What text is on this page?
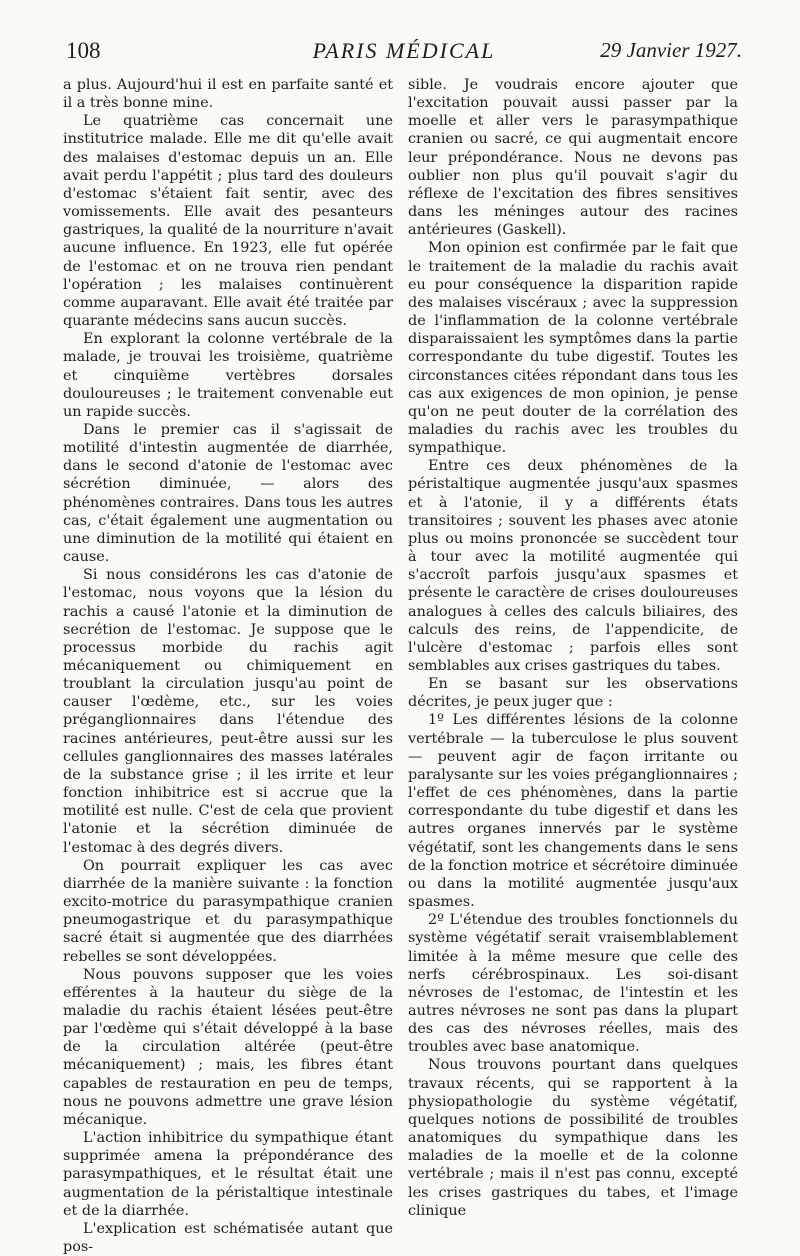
108	PARIS MÉDICAL	29 Janvier 1927.

a plus. Aujourd'hui il est en parfaite santé et il a très bonne mine.

Le quatrième cas concernait une institutrice malade. Elle me dit qu'elle avait des malaises d'estomac depuis un an. Elle avait perdu l'appétit ; plus tard des douleurs d'estomac s'étaient fait sentir, avec des vomissements. Elle avait des pesanteurs gastriques, la qualité de la nourriture n'avait aucune influence. En 1923, elle fut opérée de l'estomac et on ne trouva rien pendant l'opération ; les malaises continuèrent comme auparavant. Elle avait été traitée par quarante médecins sans aucun succès.

En explorant la colonne vertébrale de la malade, je trouvai les troisième, quatrième et cinquième vertèbres dorsales douloureuses ; le traitement convenable eut un rapide succès.

Dans le premier cas il s'agissait de motilité d'intestin augmentée de diarrhée, dans le second d'atonie de l'estomac avec sécrétion diminuée, — alors des phénomènes contraires. Dans tous les autres cas, c'était également une augmentation ou une diminution de la motilité qui étaient en cause.

Si nous considérons les cas d'atonie de l'estomac, nous voyons que la lésion du rachis a causé l'atonie et la diminution de secrétion de l'estomac. Je suppose que le processus morbide du rachis agit mécaniquement ou chimiquement en troublant la circulation jusqu'au point de causer l'œdème, etc., sur les voies préganglionnaires dans l'étendue des racines antérieures, peut-être aussi sur les cellules ganglionnaires des masses latérales de la substance grise ; il les irrite et leur fonction inhibitrice est si accrue que la motilité est nulle. C'est de cela que provient l'atonie et la sécrétion diminuée de l'estomac à des degrés divers.

On pourrait expliquer les cas avec diarrhée de la manière suivante : la fonction excito-motrice du parasympathique cranien pneumogastrique et du parasympathique sacré était si augmentée que des diarrhées rebelles se sont développées.

Nous pouvons supposer que les voies efférentes à la hauteur du siège de la maladie du rachis étaient lésées peut-être par l'œdème qui s'était développé à la base de la circulation altérée (peut-être mécaniquement) ; mais, les fibres étant capables de restauration en peu de temps, nous ne pouvons admettre une grave lésion mécanique.

L'action inhibitrice du sympathique étant supprimée amena la prépondérance des parasympathiques, et le résultat était une augmentation de la péristaltique intestinale et de la diarrhée.

L'explication est schématisée autant que pos-

sible. Je voudrais encore ajouter que l'excitation pouvait aussi passer par la moelle et aller vers le parasympathique cranien ou sacré, ce qui augmentait encore leur prépondérance. Nous ne devons pas oublier non plus qu'il pouvait s'agir du réflexe de l'excitation des fibres sensitives dans les méninges autour des racines antérieures (Gaskell).

Mon opinion est confirmée par le fait que le traitement de la maladie du rachis avait eu pour conséquence la disparition rapide des malaises viscéraux ; avec la suppression de l'inflammation de la colonne vertébrale disparaissaient les symptômes dans la partie correspondante du tube digestif. Toutes les circonstances citées répondant dans tous les cas aux exigences de mon opinion, je pense qu'on ne peut douter de la corrélation des maladies du rachis avec les troubles du sympathique.

Entre ces deux phénomènes de la péristaltique augmentée jusqu'aux spasmes et à l'atonie, il y a différents états transitoires ; souvent les phases avec atonie plus ou moins prononcée se succèdent tour à tour avec la motilité augmentée qui s'accroît parfois jusqu'aux spasmes et présente le caractère de crises douloureuses analogues à celles des calculs biliaires, des calculs des reins, de l'appendicite, de l'ulcère d'estomac ; parfois elles sont semblables aux crises gastriques du tabes.

En se basant sur les observations décrites, je peux juger que :

1º Les différentes lésions de la colonne vertébrale — la tuberculose le plus souvent — peuvent agir de façon irritante ou paralysante sur les voies préganglionnaires ; l'effet de ces phénomènes, dans la partie correspondante du tube digestif et dans les autres organes innervés par le système végétatif, sont les changements dans le sens de la fonction motrice et sécrétoire diminuée ou dans la motilité augmentée jusqu'aux spasmes.

2º L'étendue des troubles fonctionnels du système végétatif serait vraisemblablement limitée à la même mesure que celle des nerfs cérébrospinaux. Les soi-disant névroses de l'estomac, de l'intestin et les autres névroses ne sont pas dans la plupart des cas des névroses réelles, mais des troubles avec base anatomique.

Nous trouvons pourtant dans quelques travaux récents, qui se rapportent à la physiopathologie du système végétatif, quelques notions de possibilité de troubles anatomiques du sympathique dans les maladies de la moelle et de la colonne vertébrale ; mais il n'est pas connu, excepté les crises gastriques du tabes, et l'image clinique
